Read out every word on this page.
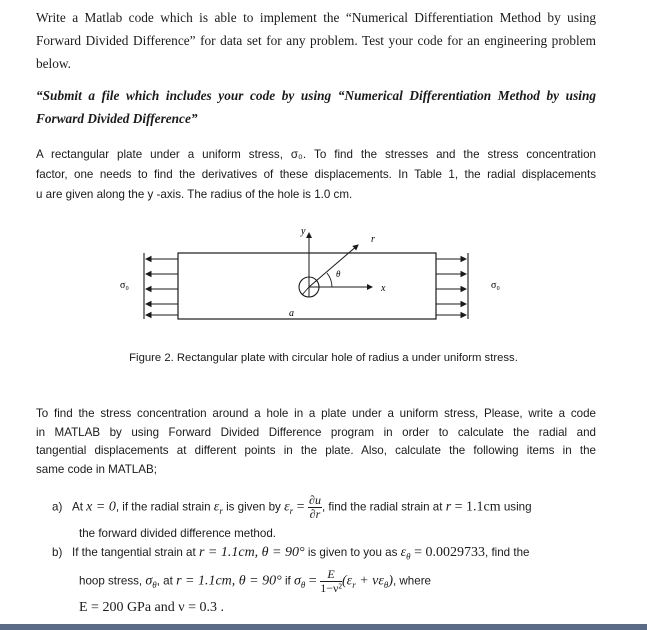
Write a Matlab code which is able to implement the “Numerical Differentiation Method by using
Forward Divided Difference” for data set for any problem. Test your code for an engineering problem
below.
“Submit a file which includes your code by using “Numerical Differentiation Method by using
Forward Divided Difference”
A rectangular plate under a uniform stress, σ₀. To find the stresses and the stress concentration
factor, one needs to find the derivatives of these displacements. In Table 1, the radial displacements
u are given along the y -axis. The radius of the hole is 1.0 cm.
y
r
θ
x
a
σ₀	σ₀
Figure 2. Rectangular plate with circular hole of radius a under uniform stress.
To find the stress concentration around a hole in a plate under a uniform stress, Please, write a code
in MATLAB by using Forward Divided Difference program in order to calculate the radial and
tangential displacements at different points in the plate. Also, calculate the following items in the
same code in MATLAB;
a) At x = 0, if the radial strain $\varepsilon_r$ is given by $\varepsilon_r = \frac{\partial u}{\partial r}$ , find the radial strain at r = 1.1cm using
the forward divided difference method.
b) If the tangential strain at r = 1.1cm, θ = 90° is given to you as $\varepsilon_\theta = 0.0029733$, find the
hoop stress, $\sigma_\theta$, at r = 1.1cm, θ = 90° if $\sigma_\theta = \frac{E}{\text{1−ν²}} (\varepsilon_r + \nu\varepsilon_\theta)$, where
E = 200 GPa and ν = 0.3 .
